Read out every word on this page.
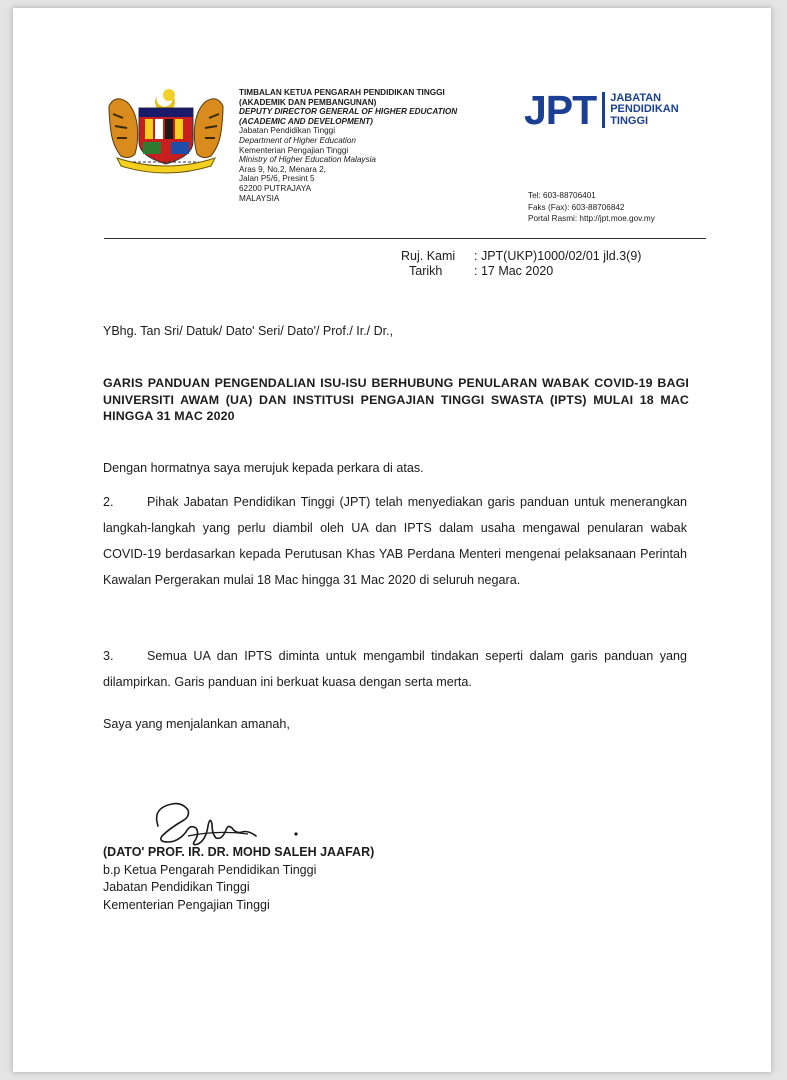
TIMBALAN KETUA PENGARAH PENDIDIKAN TINGGI
(AKADEMIK DAN PEMBANGUNAN)
DEPUTY DIRECTOR GENERAL OF HIGHER EDUCATION
(ACADEMIC AND DEVELOPMENT)
Jabatan Pendidikan Tinggi
Department of Higher Education
Kementerian Pengajian Tinggi
Ministry of Higher Education Malaysia
Aras 9, No.2, Menara 2,
Jalan P5/6, Presint 5
62200 PUTRAJAYA
MALAYSIA
JPT JABATAN
PENDIDIKAN
TINGGI
Tel: 603-88706401
Faks (Fax): 603-88706842
Portal Rasmi: http://jpt.moe.gov.my
Ruj. Kami : JPT(UKP)1000/02/01 jld.3(9)
Tarikh	: 17 Mac 2020
YBhg. Tan Sri/ Datuk/ Dato' Seri/ Dato'/ Prof./ Ir./ Dr.,
GARIS PANDUAN PENGENDALIAN ISU-ISU BERHUBUNG PENULARAN WABAK COVID-19 BAGI UNIVERSITI AWAM (UA) DAN INSTITUSI PENGAJIAN TINGGI SWASTA (IPTS) MULAI 18 MAC HINGGA 31 MAC 2020
Dengan hormatnya saya merujuk kepada perkara di atas.
2.	Pihak Jabatan Pendidikan Tinggi (JPT) telah menyediakan garis panduan untuk menerangkan langkah-langkah yang perlu diambil oleh UA dan IPTS dalam usaha mengawal penularan wabak COVID-19 berdasarkan kepada Perutusan Khas YAB Perdana Menteri mengenai pelaksanaan Perintah Kawalan Pergerakan mulai 18 Mac hingga 31 Mac 2020 di seluruh negara.
3.	Semua UA dan IPTS diminta untuk mengambil tindakan seperti dalam garis panduan yang dilampirkan. Garis panduan ini berkuat kuasa dengan serta merta.
Saya yang menjalankan amanah,
(DATO' PROF. IR. DR. MOHD SALEH JAAFAR)
b.p Ketua Pengarah Pendidikan Tinggi
Jabatan Pendidikan Tinggi
Kementerian Pengajian Tinggi
